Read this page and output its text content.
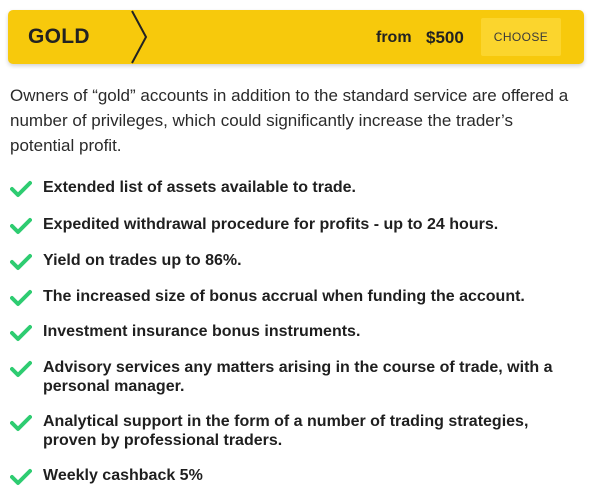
GOLD	from $500	CHOOSE

Owners of “gold” accounts in addition to the standard service are offered a number of privileges, which could significantly increase the trader’s potential profit.

Extended list of assets available to trade.
Expedited withdrawal procedure for profits - up to 24 hours.
Yield on trades up to 86%.
The increased size of bonus accrual when funding the account.
Investment insurance bonus instruments.
Advisory services any matters arising in the course of trade, with a personal manager.
Analytical support in the form of a number of trading strategies, proven by professional traders.
Weekly cashback 5%
